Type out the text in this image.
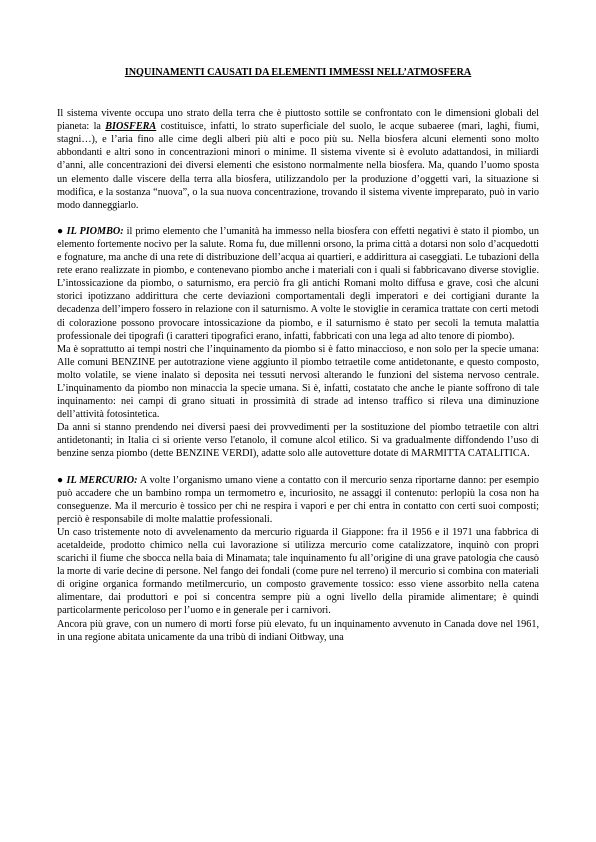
INQUINAMENTI CAUSATI DA ELEMENTI IMMESSI NELL’ATMOSFERA

Il sistema vivente occupa uno strato della terra che è piuttosto sottile se confrontato con le dimensioni globali del pianeta: la BIOSFERA costituisce, infatti, lo strato superficiale del suolo, le acque subaeree (mari, laghi, fiumi, stagni…), e l’aria fino alle cime degli alberi più alti e poco più su. Nella biosfera alcuni elementi sono molto abbondanti e altri sono in concentrazioni minori o minime. Il sistema vivente si è evoluto adattandosi, in miliardi d’anni, alle concentrazioni dei diversi elementi che esistono normalmente nella biosfera. Ma, quando l’uomo sposta un elemento dalle viscere della terra alla biosfera, utilizzandolo per la produzione d’oggetti vari, la situazione si modifica, e la sostanza “nuova”, o la sua nuova concentrazione, trovando il sistema vivente impreparato, può in vario modo danneggiarlo.

● IL PIOMBO: il primo elemento che l’umanità ha immesso nella biosfera con effetti negativi è stato il piombo, un elemento fortemente nocivo per la salute. Roma fu, due millenni orsono, la prima città a dotarsi non solo d’acquedotti e fognature, ma anche di una rete di distribuzione dell’acqua ai quartieri, e addirittura ai caseggiati. Le tubazioni della rete erano realizzate in piombo, e contenevano piombo anche i materiali con i quali si fabbricavano diverse stoviglie. L’intossicazione da piombo, o saturnismo, era perciò fra gli antichi Romani molto diffusa e grave, così che alcuni storici ipotizzano addirittura che certe deviazioni comportamentali degli imperatori e dei cortigiani durante la decadenza dell’impero fossero in relazione con il saturnismo. A volte le stoviglie in ceramica trattate con certi metodi di colorazione possono provocare intossicazione da piombo, e il saturnismo è stato per secoli la temuta malattia professionale dei tipografi (i caratteri tipografici erano, infatti, fabbricati con una lega ad alto tenore di piombo).

Ma è soprattutto ai tempi nostri che l’inquinamento da piombo si è fatto minaccioso, e non solo per la specie umana: Alle comuni BENZINE per autotrazione viene aggiunto il piombo tetraetile come antidetonante, e questo composto, molto volatile, se viene inalato si deposita nei tessuti nervosi alterando le funzioni del sistema nervoso centrale. L’inquinamento da piombo non minaccia la specie umana. Si è, infatti, costatato che anche le piante soffrono di tale inquinamento: nei campi di grano situati in prossimità di strade ad intenso traffico si rileva una diminuzione dell’attività fotosintetica.

Da anni si stanno prendendo nei diversi paesi dei provvedimenti per la sostituzione del piombo tetraetile con altri antidetonanti; in Italia ci si oriente verso l'etanolo, il comune alcol etilico. Si va gradualmente diffondendo l’uso di benzine senza piombo (dette BENZINE VERDI), adatte solo alle autovetture dotate di MARMITTA CATALITICA.

● IL MERCURIO: A volte l’organismo umano viene a contatto con il mercurio senza riportarne danno: per esempio può accadere che un bambino rompa un termometro e, incuriosito, ne assaggi il contenuto: perlopiù la cosa non ha conseguenze. Ma il mercurio è tossico per chi ne respira i vapori e per chi entra in contatto con certi suoi composti; perciò è responsabile di molte malattie professionali.

Un caso tristemente noto di avvelenamento da mercurio riguarda il Giappone: fra il 1956 e il 1971 una fabbrica di acetaldeide, prodotto chimico nella cui lavorazione si utilizza mercurio come catalizzatore, inquinò con propri scarichi il fiume che sbocca nella baia di Minamata; tale inquinamento fu all’origine di una grave patologia che causò la morte di varie decine di persone. Nel fango dei fondali (come pure nel terreno) il mercurio si combina con materiali di origine organica formando metilmercurio, un composto gravemente tossico: esso viene assorbito nella catena alimentare, dai produttori e poi si concentra sempre più a ogni livello della piramide alimentare; è quindi particolarmente pericoloso per l’uomo e in generale per i carnivori.

Ancora più grave, con un numero di morti forse più elevato, fu un inquinamento avvenuto in Canada dove nel 1961, in una regione abitata unicamente da una tribù di indiani Oitbway, una
